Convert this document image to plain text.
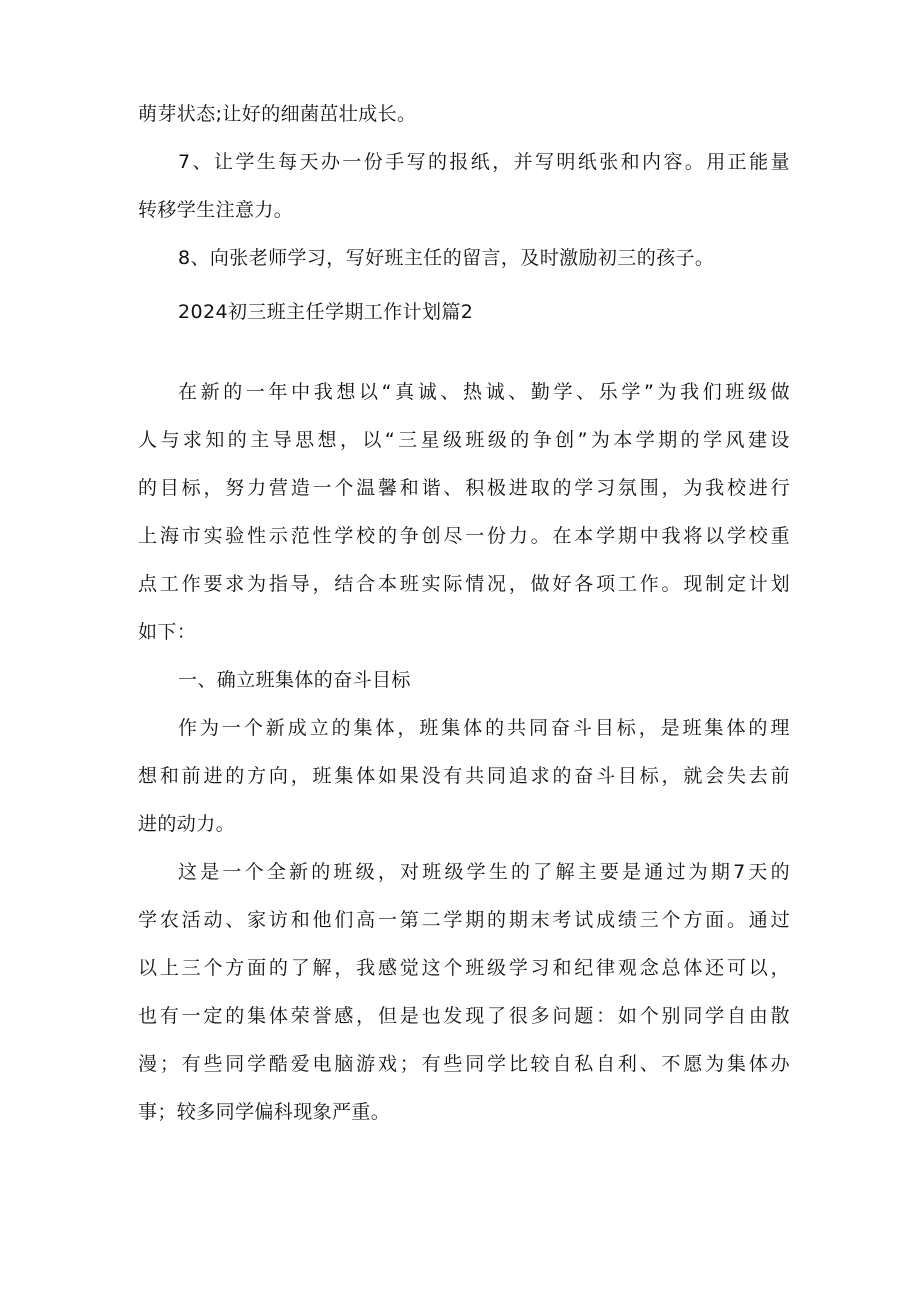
萌芽状态;让好的细菌茁壮成长。
7 、 让 学 生 每 天 办 一 份 手 写 的 报 纸 ， 并 写 明 纸 张 和 内 容 。 用 正 能 量
转移学生注意力。
8、向张老师学习，写好班主任的留言，及时激励初三的孩子。
2024初三班主任学期工作计划篇2
在 新 的 一 年 中 我 想 以 “ 真 诚 、 热 诚 、 勤 学 、 乐 学 ” 为 我 们 班 级 做
人 与 求 知 的 主 导 思 想 ， 以 “ 三 星 级 班 级 的 争 创 ” 为 本 学 期 的 学 风 建 设
的 目 标 ， 努 力 营 造 一 个 温 馨 和 谐 、 积 极 进 取 的 学 习 氛 围 ， 为 我 校 进 行
上 海 市 实 验 性 示 范 性 学 校 的 争 创 尽 一 份 力 。 在 本 学 期 中 我 将 以 学 校 重
点 工 作 要 求 为 指 导 ， 结 合 本 班 实 际 情 况 ， 做 好 各 项 工 作 。 现 制 定 计 划
如下：
一、确立班集体的奋斗目标
作 为 一 个 新 成 立 的 集 体 ， 班 集 体 的 共 同 奋 斗 目 标 ， 是 班 集 体 的 理
想 和 前 进 的 方 向 ， 班 集 体 如 果 没 有 共 同 追 求 的 奋 斗 目 标 ， 就 会 失 去 前
进的动力。
这 是 一 个 全 新 的 班 级 ， 对 班 级 学 生 的 了 解 主 要 是 通 过 为 期 7 天 的
学 农 活 动 、 家 访 和 他 们 高 一 第 二 学 期 的 期 末 考 试 成 绩 三 个 方 面 。 通 过
以 上 三 个 方 面 的 了 解 ， 我 感 觉 这 个 班 级 学 习 和 纪 律 观 念 总 体 还 可 以 ，
也 有 一 定 的 集 体 荣 誉 感 ， 但 是 也 发 现 了 很 多 问 题 ： 如 个 别 同 学 自 由 散
漫 ； 有 些 同 学 酷 爱 电 脑 游 戏 ； 有 些 同 学 比 较 自 私 自 利 、 不 愿 为 集 体 办
事；较多同学偏科现象严重。
